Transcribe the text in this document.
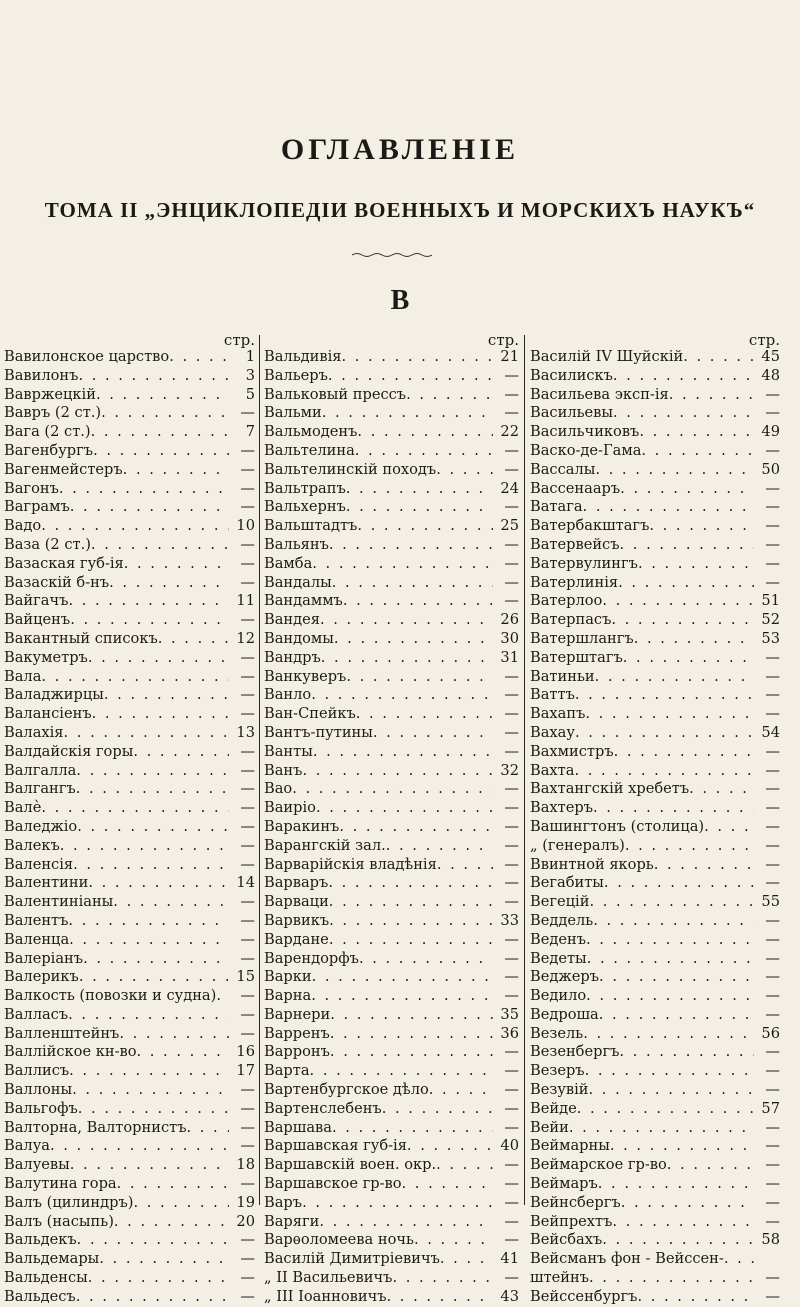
ОГЛАВЛЕНІЕ
ТОМА II „ЭНЦИКЛОПЕДІИ ВОЕННЫХЪ И МОРСКИХЪ НАУКЪ“
В
стр.
Вавилонское царство . . .	1
Вавилонъ . . .	3
Вавржецкій . . .	5
Вавръ (2 ст.) . . .	—
Вага (2 ст.) . . .	7
Вагенбургъ . . .	—
Вагенмейстеръ . . .	—
Вагонъ . . .	—
Ваграмъ . . .	—
Вадо . . .	10
Ваза (2 ст.) . . .	—
Вазаская губ-ія . . .	—
Вазаскій б-нъ . . .	—
Вайгачъ . . .	11
Вайценъ . . .	—
Вакантный списокъ . . .	12
Вакуметръ . . .	—
Вала . . .	—
Валаджирцы . . .	—
Валансіенъ . . .	—
Валахія . . .	13
Валдайскія горы . . .	—
Валгалла . . .	—
Валгангъ . . .	—
Валѐ . . .	—
Валеджіо . . .	—
Валекъ . . .	—
Валенсія . . .	—
Валентини . . .	14
Валентиніаны . . .	—
Валентъ . . .	—
Валенца . . .	—
Валеріанъ . . .	—
Валерикъ . . .	15
Валкость (повозки и судна) . . .	—
Валласъ . . .	—
Валленштейнъ . . .	—
Валлійское кн-во . . .	16
Валлисъ . . .	17
Валлоны . . .	—
Вальгофъ . . .	—
Валторна, Валторнистъ . . .	—
Валуа . . .	—
Валуевы . . .	18
Валутина гора . . .	—
Валъ (цилиндръ) . . .	19
Валъ (насыпь) . . .	20
Вальдекъ . . .	—
Вальдемары . . .	—
Вальденсы . . .	—
Вальдесъ . . .	—
стр.
Вальдивія . . .	21
Вальеръ . . .	—
Вальковый прессъ . . .	—
Вальми . . .	—
Вальмоденъ . . .	22
Вальтелина . . .	—
Вальтелинскій походъ . . .	—
Вальтрапъ . . .	24
Вальхернъ . . .	—
Вальштадтъ . . .	25
Вальянъ . . .	—
Вамба . . .	—
Вандалы . . .	—
Вандаммъ . . .	—
Вандея . . .	26
Вандомы . . .	30
Вандръ . . .	31
Ванкуверъ . . .	—
Ванло . . .	—
Ван-Спейкъ . . .	—
Вантъ-путины . . .	—
Ванты . . .	—
Ванъ . . .	32
Вао . . .	—
Ваиріо . . .	—
Варакинъ . . .	—
Варангскій зал. . . .	—
Варварійскія владѣнія . . .	—
Варваръ . . .	—
Варваци . . .	—
Варвикъ . . .	33
Вардане . . .	—
Варендорфъ . . .	—
Варки . . .	—
Варна . . .	—
Варнери . . .	35
Варренъ . . .	36
Варронъ . . .	—
Варта . . .	—
Вартенбургское дѣло . . .	—
Вартенслебенъ . . .	—
Варшава . . .	—
Варшавская губ-ія . . .	40
Варшавскій воен. окр. . . .	—
Варшавское гр-во . . .	—
Варъ . . .	—
Варяги . . .	—
Варѳоломеева ночь . . .	—
Василій Димитріевичъ . . .	41
„ II Васильевичъ . . .	—
„ III Іоанновичъ . . .	43
стр.
Василій IV Шуйскій . . .	45
Василискъ . . .	48
Васильева эксп-ія . . .	—
Васильевы . . .	—
Васильчиковъ . . .	49
Васко-де-Гама . . .	—
Вассалы . . .	50
Вассенааръ . . .	—
Ватага . . .	—
Ватербакштагъ . . .	—
Ватервейсъ . . .	—
Ватервулингъ . . .	—
Ватерлинія . . .	—
Ватерлоо . . .	51
Ватерпасъ . . .	52
Ватершлангъ . . .	53
Ватерштагъ . . .	—
Ватиньи . . .	—
Ваттъ . . .	—
Вахапъ . . .	—
Вахау . . .	54
Вахмистръ . . .	—
Вахта . . .	—
Вахтангскій хребетъ . . .	—
Вахтеръ . . .	—
Вашингтонъ (столица) . . .	—
„ (генералъ) . . .	—
Ввинтной якорь . . .	—
Вегабиты . . .	—
Вегецій . . .	55
Веддель . . .	—
Веденъ . . .	—
Ведеты . . .	—
Веджеръ . . .	—
Ведило . . .	—
Ведроша . . .	—
Везель . . .	56
Везенбергъ . . .	—
Везеръ . . .	—
Везувій . . .	—
Вейде . . .	57
Вейи . . .	—
Веймарны . . .	—
Веймарское гр-во . . .	—
Веймаръ . . .	—
Вейнсбергъ . . .	—
Вейпрехтъ . . .	—
Вейсбахъ . . .	58
Вейсманъ фон - Вейссен-
. . .
штейнъ . . .	—
Вейссенбургъ . . .	—
